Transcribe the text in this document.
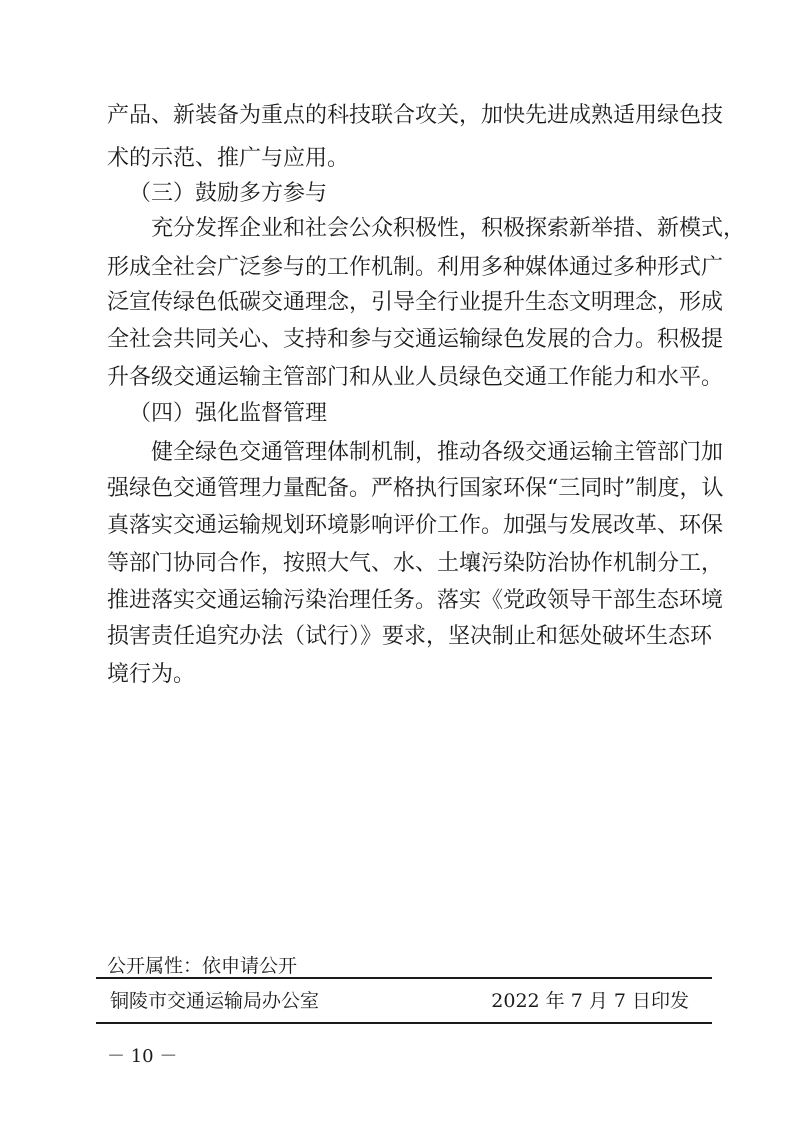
产品、新装备为重点的科技联合攻关，加快先进成熟适用绿色技
术的示范、推广与应用。
（三）鼓励多方参与
充分发挥企业和社会公众积极性，积极探索新举措、新模式，
形成全社会广泛参与的工作机制。利用多种媒体通过多种形式广
泛宣传绿色低碳交通理念，引导全行业提升生态文明理念，形成
全社会共同关心、支持和参与交通运输绿色发展的合力。积极提
升各级交通运输主管部门和从业人员绿色交通工作能力和水平。
（四）强化监督管理
健全绿色交通管理体制机制，推动各级交通运输主管部门加
强绿色交通管理力量配备。严格执行国家环保“三同时”制度，认
真落实交通运输规划环境影响评价工作。加强与发展改革、环保
等部门协同合作，按照大气、水、土壤污染防治协作机制分工，
推进落实交通运输污染治理任务。落实《党政领导干部生态环境
损害责任追究办法（试行）》要求，坚决制止和惩处破坏生态环
境行为。
公开属性：依申请公开
铜陵市交通运输局办公室	2022 年 7 月 7 日印发
－ 10 －
